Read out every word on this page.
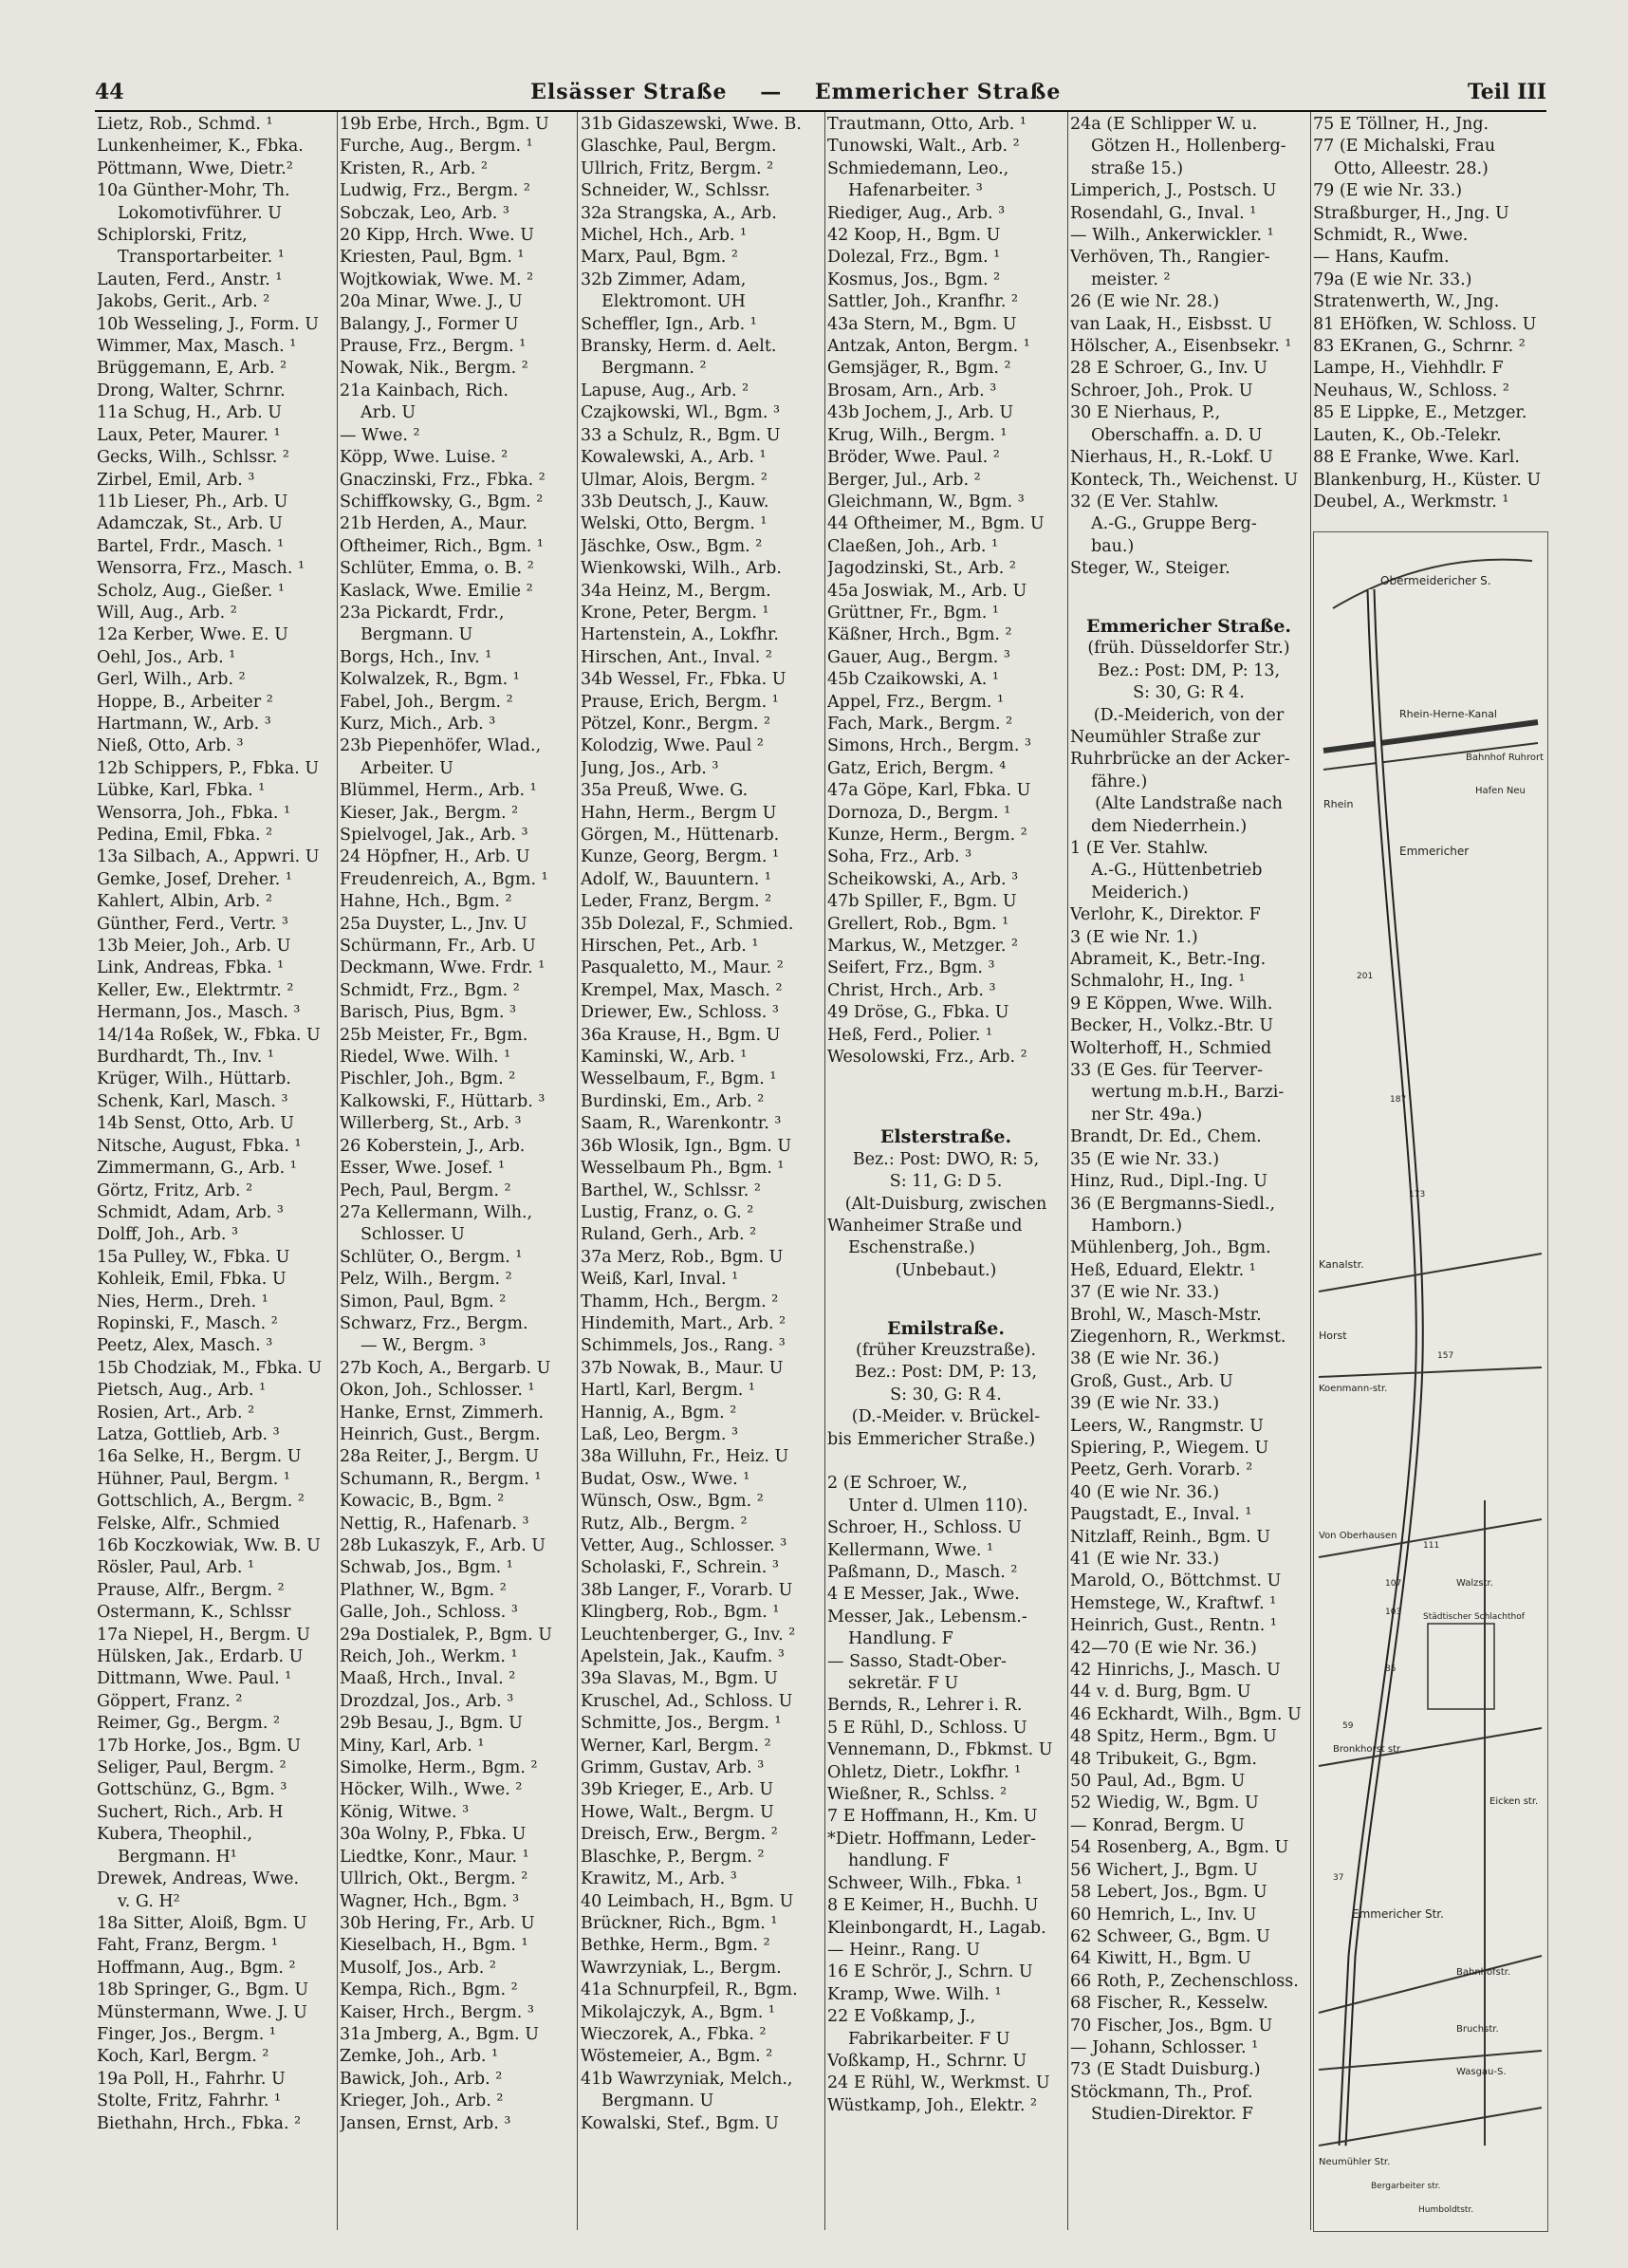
44	Elsässer Straße — Emmericher Straße	Teil III
Lietz, Rob., Schmd. ¹
Lunkenheimer, K., Fbka.
Pöttmann, Wwe, Dietr.²
10a Günther-Mohr, Th.
Lokomotivführer. U
Schiplorski, Fritz,
Transportarbeiter. ¹
Lauten, Ferd., Anstr. ¹
Jakobs, Gerit., Arb. ²
10b Wesseling, J., Form. U
Wimmer, Max, Masch. ¹
Brüggemann, E, Arb. ²
Drong, Walter, Schrnr.
11a Schug, H., Arb. U
Laux, Peter, Maurer. ¹
Gecks, Wilh., Schlssr. ²
Zirbel, Emil, Arb. ³
11b Lieser, Ph., Arb. U
Adamczak, St., Arb. U
Bartel, Frdr., Masch. ¹
Wensorra, Frz., Masch. ¹
Scholz, Aug., Gießer. ¹
Will, Aug., Arb. ²
12a Kerber, Wwe. E. U
Oehl, Jos., Arb. ¹
Gerl, Wilh., Arb. ²
Hoppe, B., Arbeiter ²
Hartmann, W., Arb. ³
Nieß, Otto, Arb. ³
12b Schippers, P., Fbka. U
Lübke, Karl, Fbka. ¹
Wensorra, Joh., Fbka. ¹
Pedina, Emil, Fbka. ²
13a Silbach, A., Appwri. U
Gemke, Josef, Dreher. ¹
Kahlert, Albin, Arb. ²
Günther, Ferd., Vertr. ³
13b Meier, Joh., Arb. U
Link, Andreas, Fbka. ¹
Keller, Ew., Elektrmtr. ²
Hermann, Jos., Masch. ³
14/14a Roßek, W., Fbka. U
Burdhardt, Th., Inv. ¹
Krüger, Wilh., Hüttarb.
Schenk, Karl, Masch. ³
14b Senst, Otto, Arb. U
Nitsche, August, Fbka. ¹
Zimmermann, G., Arb. ¹
Görtz, Fritz, Arb. ²
Schmidt, Adam, Arb. ³
Dolff, Joh., Arb. ³
15a Pulley, W., Fbka. U
Kohleik, Emil, Fbka. U
Nies, Herm., Dreh. ¹
Ropinski, F., Masch. ²
Peetz, Alex, Masch. ³
15b Chodziak, M., Fbka. U
Pietsch, Aug., Arb. ¹
Rosien, Art., Arb. ²
Latza, Gottlieb, Arb. ³
16a Selke, H., Bergm. U
Hühner, Paul, Bergm. ¹
Gottschlich, A., Bergm. ²
Felske, Alfr., Schmied
16b Koczkowiak, Ww. B. U
Rösler, Paul, Arb. ¹
Prause, Alfr., Bergm. ²
Ostermann, K., Schlssr
17a Niepel, H., Bergm. U
Hülsken, Jak., Erdarb. U
Dittmann, Wwe. Paul. ¹
Göppert, Franz. ²
Reimer, Gg., Bergm. ²
17b Horke, Jos., Bgm. U
Seliger, Paul, Bergm. ²
Gottschünz, G., Bgm. ³
Suchert, Rich., Arb. H
Kubera, Theophil.,
Bergmann. H¹
Drewek, Andreas, Wwe.
v. G. H²
18a Sitter, Aloiß, Bgm. U
Faht, Franz, Bergm. ¹
Hoffmann, Aug., Bgm. ²
18b Springer, G., Bgm. U
Münstermann, Wwe. J. U
Finger, Jos., Bergm. ¹
Koch, Karl, Bergm. ²
19a Poll, H., Fahrhr. U
Stolte, Fritz, Fahrhr. ¹
Biethahn, Hrch., Fbka. ²
19b Erbe, Hrch., Bgm. U
Furche, Aug., Bergm. ¹
Kristen, R., Arb. ²
Ludwig, Frz., Bergm. ²
Sobczak, Leo, Arb. ³
20 Kipp, Hrch. Wwe. U
Kriesten, Paul, Bgm. ¹
Wojtkowiak, Wwe. M. ²
20a Minar, Wwe. J., U
Balangy, J., Former U
Prause, Frz., Bergm. ¹
Nowak, Nik., Bergm. ²
21a Kainbach, Rich.
Arb. U
— Wwe. ²
Köpp, Wwe. Luise. ²
Gnaczinski, Frz., Fbka. ²
Schiffkowsky, G., Bgm. ²
21b Herden, A., Maur.
Oftheimer, Rich., Bgm. ¹
Schlüter, Emma, o. B. ²
Kaslack, Wwe. Emilie ²
23a Pickardt, Frdr.,
Bergmann. U
Borgs, Hch., Inv. ¹
Kolwalzek, R., Bgm. ¹
Fabel, Joh., Bergm. ²
Kurz, Mich., Arb. ³
23b Piepenhöfer, Wlad.,
Arbeiter. U
Blümmel, Herm., Arb. ¹
Kieser, Jak., Bergm. ²
Spielvogel, Jak., Arb. ³
24 Höpfner, H., Arb. U
Freudenreich, A., Bgm. ¹
Hahne, Hch., Bgm. ²
25a Duyster, L., Jnv. U
Schürmann, Fr., Arb. U
Deckmann, Wwe. Frdr. ¹
Schmidt, Frz., Bgm. ²
Barisch, Pius, Bgm. ³
25b Meister, Fr., Bgm.
Riedel, Wwe. Wilh. ¹
Pischler, Joh., Bgm. ²
Kalkowski, F., Hüttarb. ³
Willerberg, St., Arb. ³
26 Koberstein, J., Arb.
Esser, Wwe. Josef. ¹
Pech, Paul, Bergm. ²
27a Kellermann, Wilh.,
Schlosser. U
Schlüter, O., Bergm. ¹
Pelz, Wilh., Bergm. ²
Simon, Paul, Bgm. ²
Schwarz, Frz., Bergm.
— W., Bergm. ³
27b Koch, A., Bergarb. U
Okon, Joh., Schlosser. ¹
Hanke, Ernst, Zimmerh.
Heinrich, Gust., Bergm.
28a Reiter, J., Bergm. U
Schumann, R., Bergm. ¹
Kowacic, B., Bgm. ²
Nettig, R., Hafenarb. ³
28b Lukaszyk, F., Arb. U
Schwab, Jos., Bgm. ¹
Plathner, W., Bgm. ²
Galle, Joh., Schloss. ³
29a Dostialek, P., Bgm. U
Reich, Joh., Werkm. ¹
Maaß, Hrch., Inval. ²
Drozdzal, Jos., Arb. ³
29b Besau, J., Bgm. U
Miny, Karl, Arb. ¹
Simolke, Herm., Bgm. ²
Höcker, Wilh., Wwe. ²
König, Witwe. ³
30a Wolny, P., Fbka. U
Liedtke, Konr., Maur. ¹
Ullrich, Okt., Bergm. ²
Wagner, Hch., Bgm. ³
30b Hering, Fr., Arb. U
Kieselbach, H., Bgm. ¹
Musolf, Jos., Arb. ²
Kempa, Rich., Bgm. ²
Kaiser, Hrch., Bergm. ³
31a Jmberg, A., Bgm. U
Zemke, Joh., Arb. ¹
Bawick, Joh., Arb. ²
Krieger, Joh., Arb. ²
Jansen, Ernst, Arb. ³
31b Gidaszewski, Wwe. B.
Glaschke, Paul, Bergm.
Ullrich, Fritz, Bergm. ²
Schneider, W., Schlssr.
32a Strangska, A., Arb.
Michel, Hch., Arb. ¹
Marx, Paul, Bgm. ²
32b Zimmer, Adam,
Elektromont. UH
Scheffler, Ign., Arb. ¹
Bransky, Herm. d. Aelt.
Bergmann. ²
Lapuse, Aug., Arb. ²
Czajkowski, Wl., Bgm. ³
33 a Schulz, R., Bgm. U
Kowalewski, A., Arb. ¹
Ulmar, Alois, Bergm. ²
33b Deutsch, J., Kauw.
Welski, Otto, Bergm. ¹
Jäschke, Osw., Bgm. ²
Wienkowski, Wilh., Arb.
34a Heinz, M., Bergm.
Krone, Peter, Bergm. ¹
Hartenstein, A., Lokfhr.
Hirschen, Ant., Inval. ²
34b Wessel, Fr., Fbka. U
Prause, Erich, Bergm. ¹
Pötzel, Konr., Bergm. ²
Kolodzig, Wwe. Paul ²
Jung, Jos., Arb. ³
35a Preuß, Wwe. G.
Hahn, Herm., Bergm U
Görgen, M., Hüttenarb.
Kunze, Georg, Bergm. ¹
Adolf, W., Bauuntern. ¹
Leder, Franz, Bergm. ²
35b Dolezal, F., Schmied.
Hirschen, Pet., Arb. ¹
Pasqualetto, M., Maur. ²
Krempel, Max, Masch. ²
Driewer, Ew., Schloss. ³
36a Krause, H., Bgm. U
Kaminski, W., Arb. ¹
Wesselbaum, F., Bgm. ¹
Burdinski, Em., Arb. ²
Saam, R., Warenkontr. ³
36b Wlosik, Ign., Bgm. U
Wesselbaum Ph., Bgm. ¹
Barthel, W., Schlssr. ²
Lustig, Franz, o. G. ²
Ruland, Gerh., Arb. ²
37a Merz, Rob., Bgm. U
Weiß, Karl, Inval. ¹
Thamm, Hch., Bergm. ²
Hindemith, Mart., Arb. ²
Schimmels, Jos., Rang. ³
37b Nowak, B., Maur. U
Hartl, Karl, Bergm. ¹
Hannig, A., Bgm. ²
Laß, Leo, Bergm. ³
38a Willuhn, Fr., Heiz. U
Budat, Osw., Wwe. ¹
Wünsch, Osw., Bgm. ²
Rutz, Alb., Bergm. ²
Vetter, Aug., Schlosser. ³
Scholaski, F., Schrein. ³
38b Langer, F., Vorarb. U
Klingberg, Rob., Bgm. ¹
Leuchtenberger, G., Inv. ²
Apelstein, Jak., Kaufm. ³
39a Slavas, M., Bgm. U
Kruschel, Ad., Schloss. U
Schmitte, Jos., Bergm. ¹
Werner, Karl, Bergm. ²
Grimm, Gustav, Arb. ³
39b Krieger, E., Arb. U
Howe, Walt., Bergm. U
Dreisch, Erw., Bergm. ²
Blaschke, P., Bergm. ²
Krawitz, M., Arb. ³
40 Leimbach, H., Bgm. U
Brückner, Rich., Bgm. ¹
Bethke, Herm., Bgm. ²
Wawrzyniak, L., Bergm.
41a Schnurpfeil, R., Bgm.
Mikolajczyk, A., Bgm. ¹
Wieczorek, A., Fbka. ²
Wöstemeier, A., Bgm. ²
41b Wawrzyniak, Melch.,
Bergmann. U
Kowalski, Stef., Bgm. U
Trautmann, Otto, Arb. ¹
Tunowski, Walt., Arb. ²
Schmiedemann, Leo.,
Hafenarbeiter. ³
Riediger, Aug., Arb. ³
42 Koop, H., Bgm. U
Dolezal, Frz., Bgm. ¹
Kosmus, Jos., Bgm. ²
Sattler, Joh., Kranfhr. ²
43a Stern, M., Bgm. U
Antzak, Anton, Bergm. ¹
Gemsjäger, R., Bgm. ²
Brosam, Arn., Arb. ³
43b Jochem, J., Arb. U
Krug, Wilh., Bergm. ¹
Bröder, Wwe. Paul. ²
Berger, Jul., Arb. ²
Gleichmann, W., Bgm. ³
44 Oftheimer, M., Bgm. U
Claeßen, Joh., Arb. ¹
Jagodzinski, St., Arb. ²
45a Joswiak, M., Arb. U
Grüttner, Fr., Bgm. ¹
Käßner, Hrch., Bgm. ²
Gauer, Aug., Bergm. ³
45b Czaikowski, A. ¹
Appel, Frz., Bergm. ¹
Fach, Mark., Bergm. ²
Simons, Hrch., Bergm. ³
Gatz, Erich, Bergm. ⁴
47a Göpe, Karl, Fbka. U
Dornoza, D., Bergm. ¹
Kunze, Herm., Bergm. ²
Soha, Frz., Arb. ³
Scheikowski, A., Arb. ³
47b Spiller, F., Bgm. U
Grellert, Rob., Bgm. ¹
Markus, W., Metzger. ²
Seifert, Frz., Bgm. ³
Christ, Hrch., Arb. ³
49 Dröse, G., Fbka. U
Heß, Ferd., Polier. ¹
Wesolowski, Frz., Arb. ²

Elsterstraße.
Bez.: Post: DWO, R: 5,
S: 11, G: D 5.
(Alt-Duisburg, zwischen
Wanheimer Straße und
Eschenstraße.)
(Unbebaut.)

Emilstraße.
(früher Kreuzstraße).
Bez.: Post: DM, P: 13,
S: 30, G: R 4.
(D.-Meider. v. Brückel-
bis Emmericher Straße.)

2 (E Schroer, W.,
Unter d. Ulmen 110).
Schroer, H., Schloss. U
Kellermann, Wwe. ¹
Paßmann, D., Masch. ²
4 E Messer, Jak., Wwe.
Messer, Jak., Lebensm.-
Handlung. F
— Sasso, Stadt-Ober-
sekretär. F U
Bernds, R., Lehrer i. R.
5 E Rühl, D., Schloss. U
Vennemann, D., Fbkmst. U
Ohletz, Dietr., Lokfhr. ¹
Wießner, R., Schlss. ²
7 E Hoffmann, H., Km. U
*Dietr. Hoffmann, Leder-
handlung. F
Schweer, Wilh., Fbka. ¹
8 E Keimer, H., Buchh. U
Kleinbongardt, H., Lagab.
— Heinr., Rang. U
16 E Schrör, J., Schrn. U
Kramp, Wwe. Wilh. ¹
22 E Voßkamp, J.,
Fabrikarbeiter. F U
Voßkamp, H., Schrnr. U
24 E Rühl, W., Werkmst. U
Wüstkamp, Joh., Elektr. ²
24a (E Schlipper W. u.
Götzen H., Hollenberg-
straße 15.)
Limperich, J., Postsch. U
Rosendahl, G., Inval. ¹
— Wilh., Ankerwickler. ¹
Verhöven, Th., Rangier-
meister. ²
26 (E wie Nr. 28.)
van Laak, H., Eisbsst. U
Hölscher, A., Eisenbsekr. ¹
28 E Schroer, G., Inv. U
Schroer, Joh., Prok. U
30 E Nierhaus, P.,
Oberschaffn. a. D. U
Nierhaus, H., R.-Lokf. U
Konteck, Th., Weichenst. U
32 (E Ver. Stahlw.
A.-G., Gruppe Berg-
bau.)
Steger, W., Steiger.

Emmericher Straße.
(früh. Düsseldorfer Str.)
Bez.: Post: DM, P: 13,
S: 30, G: R 4.
(D.-Meiderich, von der
Neumühler Straße zur
Ruhrbrücke an der Acker-
fähre.)
(Alte Landstraße nach
dem Niederrhein.)
1 (E Ver. Stahlw.
A.-G., Hüttenbetrieb
Meiderich.)
Verlohr, K., Direktor. F
3 (E wie Nr. 1.)
Abrameit, K., Betr.-Ing.
Schmalohr, H., Ing. ¹
9 E Köppen, Wwe. Wilh.
Becker, H., Volkz.-Btr. U
Wolterhoff, H., Schmied
33 (E Ges. für Teerver-
wertung m.b.H., Barzi-
ner Str. 49a.)
Brandt, Dr. Ed., Chem.
35 (E wie Nr. 33.)
Hinz, Rud., Dipl.-Ing. U
36 (E Bergmanns-Siedl.,
Hamborn.)
Mühlenberg, Joh., Bgm.
Heß, Eduard, Elektr. ¹
37 (E wie Nr. 33.)
Brohl, W., Masch-Mstr.
Ziegenhorn, R., Werkmst.
38 (E wie Nr. 36.)
Groß, Gust., Arb. U
39 (E wie Nr. 33.)
Leers, W., Rangmstr. U
Spiering, P., Wiegem. U
Peetz, Gerh. Vorarb. ²
40 (E wie Nr. 36.)
Paugstadt, E., Inval. ¹
Nitzlaff, Reinh., Bgm. U
41 (E wie Nr. 33.)
Marold, O., Böttchmst. U
Hemstege, W., Kraftwf. ¹
Heinrich, Gust., Rentn. ¹
42—70 (E wie Nr. 36.)
42 Hinrichs, J., Masch. U
44 v. d. Burg, Bgm. U
46 Eckhardt, Wilh., Bgm. U
48 Spitz, Herm., Bgm. U
48 Tribukeit, G., Bgm.
50 Paul, Ad., Bgm. U
52 Wiedig, W., Bgm. U
— Konrad, Bergm. U
54 Rosenberg, A., Bgm. U
56 Wichert, J., Bgm. U
58 Lebert, Jos., Bgm. U
60 Hemrich, L., Inv. U
62 Schweer, G., Bgm. U
64 Kiwitt, H., Bgm. U
66 Roth, P., Zechenschloss.
68 Fischer, R., Kesselw.
70 Fischer, Jos., Bgm. U
— Johann, Schlosser. ¹
73 (E Stadt Duisburg.)
Stöckmann, Th., Prof.
Studien-Direktor. F
75 E Töllner, H., Jng.
77 (E Michalski, Frau
Otto, Alleestr. 28.)
79 (E wie Nr. 33.)
Straßburger, H., Jng. U
Schmidt, R., Wwe.
— Hans, Kaufm.
79a (E wie Nr. 33.)
Stratenwerth, W., Jng.
81 EHöfken, W. Schloss. U
83 EKranen, G., Schrnr. ²
Lampe, H., Viehhdlr. F
Neuhaus, W., Schloss. ²
85 E Lippke, E., Metzger.
Lauten, K., Ob.-Telekr.
88 E Franke, Wwe. Karl.
Blankenburg, H., Küster. U
Deubel, A., Werkmstr. ¹
Obermeidericher S.
Rhein-Herne-Kanal
Bahnhof Ruhrort
Hafen Neu
Rhein
Emmericher
Kanalstr.
Horst
Koenmann-str.
Von Oberhausen
Walzstr.
Städtischer Schlachthof
Bronkhorst str.
Eicken str.
Emmericher Str.
Bahnhofstr.
Bruchstr.
Wasgau-S.
Neumühler Str.
Bergarbeiter str.
Humboldtstr.
201
187
173
157
111
107
103
85
59
37
